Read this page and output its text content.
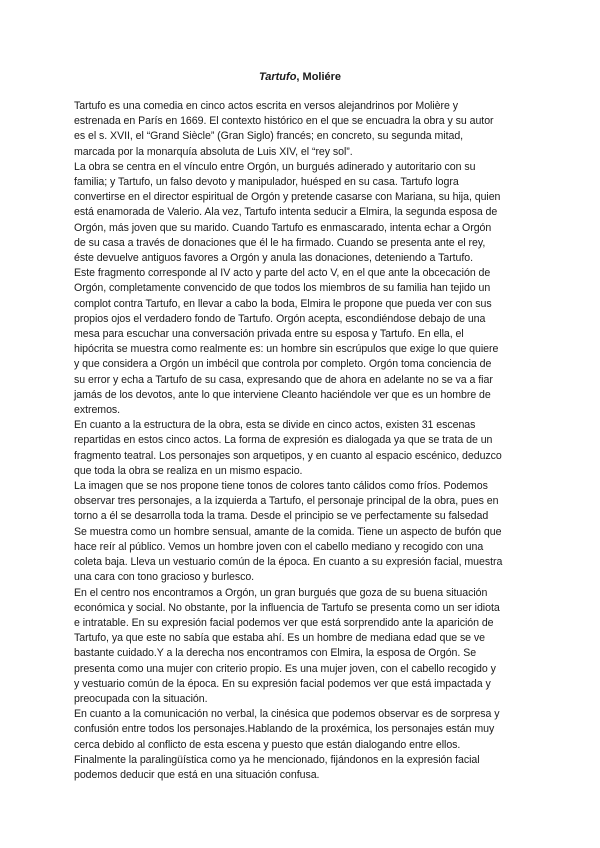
Tartufo, Moliére

Tartufo es una comedia en cinco actos escrita en versos alejandrinos por Molière y
estrenada en París en 1669. El contexto histórico en el que se encuadra la obra y su autor
es el s. XVII, el “Grand Siècle” (Gran Siglo) francés; en concreto, su segunda mitad,
marcada por la monarquía absoluta de Luis XIV, el “rey sol”.

La obra se centra en el vínculo entre Orgón, un burgués adinerado y autoritario con su
familia; y Tartufo, un falso devoto y manipulador, huésped en su casa. Tartufo logra
convertirse en el director espiritual de Orgón y pretende casarse con Mariana, su hija, quien
está enamorada de Valerio. Ala vez, Tartufo intenta seducir a Elmira, la segunda esposa de
Orgón, más joven que su marido. Cuando Tartufo es enmascarado, intenta echar a Orgón
de su casa a través de donaciones que él le ha firmado. Cuando se presenta ante el rey,
éste devuelve antiguos favores a Orgón y anula las donaciones, deteniendo a Tartufo.

Este fragmento corresponde al IV acto y parte del acto V, en el que ante la obcecación de
Orgón, completamente convencido de que todos los miembros de su familia han tejido un
complot contra Tartufo, en llevar a cabo la boda, Elmira le propone que pueda ver con sus
propios ojos el verdadero fondo de Tartufo. Orgón acepta, escondiéndose debajo de una
mesa para escuchar una conversación privada entre su esposa y Tartufo. En ella, el
hipócrita se muestra como realmente es: un hombre sin escrúpulos que exige lo que quiere
y que considera a Orgón un imbécil que controla por completo. Orgón toma conciencia de
su error y echa a Tartufo de su casa, expresando que de ahora en adelante no se va a fiar
jamás de los devotos, ante lo que interviene Cleanto haciéndole ver que es un hombre de
extremos.

En cuanto a la estructura de la obra, esta se divide en cinco actos, existen 31 escenas
repartidas en estos cinco actos. La forma de expresión es dialogada ya que se trata de un
fragmento teatral. Los personajes son arquetipos, y en cuanto al espacio escénico, deduzco
que toda la obra se realiza en un mismo espacio.

La imagen que se nos propone tiene tonos de colores tanto cálidos como fríos. Podemos
observar tres personajes, a la izquierda a Tartufo, el personaje principal de la obra, pues en
torno a él se desarrolla toda la trama. Desde el principio se ve perfectamente su falsedad
Se muestra como un hombre sensual, amante de la comida. Tiene un aspecto de bufón que
hace reír al público. Vemos un hombre joven con el cabello mediano y recogido con una
coleta baja. Lleva un vestuario común de la época. En cuanto a su expresión facial, muestra
una cara con tono gracioso y burlesco.

En el centro nos encontramos a Orgón, un gran burgués que goza de su buena situación
económica y social. No obstante, por la influencia de Tartufo se presenta como un ser idiota
e intratable. En su expresión facial podemos ver que está sorprendido ante la aparición de
Tartufo, ya que este no sabía que estaba ahí. Es un hombre de mediana edad que se ve
bastante cuidado.Y a la derecha nos encontramos con Elmira, la esposa de Orgón. Se
presenta como una mujer con criterio propio. Es una mujer joven, con el cabello recogido y
y vestuario común de la época. En su expresión facial podemos ver que está impactada y
preocupada con la situación.

En cuanto a la comunicación no verbal, la cinésica que podemos observar es de sorpresa y
confusión entre todos los personajes.Hablando de la proxémica, los personajes están muy
cerca debido al conflicto de esta escena y puesto que están dialogando entre ellos.
Finalmente la paralingüística como ya he mencionado, fijándonos en la expresión facial
podemos deducir que está en una situación confusa.
